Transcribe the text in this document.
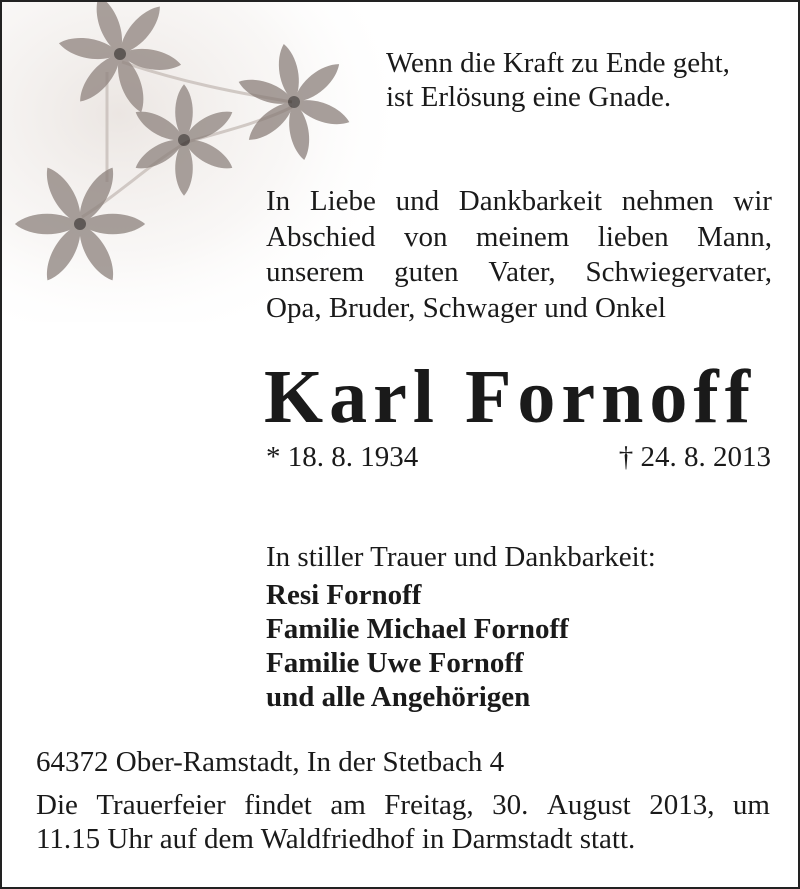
Wenn die Kraft zu Ende geht,
ist Erlösung eine Gnade.
In Liebe und Dankbarkeit nehmen wir
Abschied von meinem lieben Mann,
unserem guten Vater, Schwiegervater,
Opa, Bruder, Schwager und Onkel
Karl Fornoff
* 18. 8. 1934	† 24. 8. 2013
In stiller Trauer und Dankbarkeit:
Resi Fornoff
Familie Michael Fornoff
Familie Uwe Fornoff
und alle Angehörigen
64372 Ober-Ramstadt, In der Stetbach 4
Die Trauerfeier findet am Freitag, 30. August 2013, um
11.15 Uhr auf dem Waldfriedhof in Darmstadt statt.
